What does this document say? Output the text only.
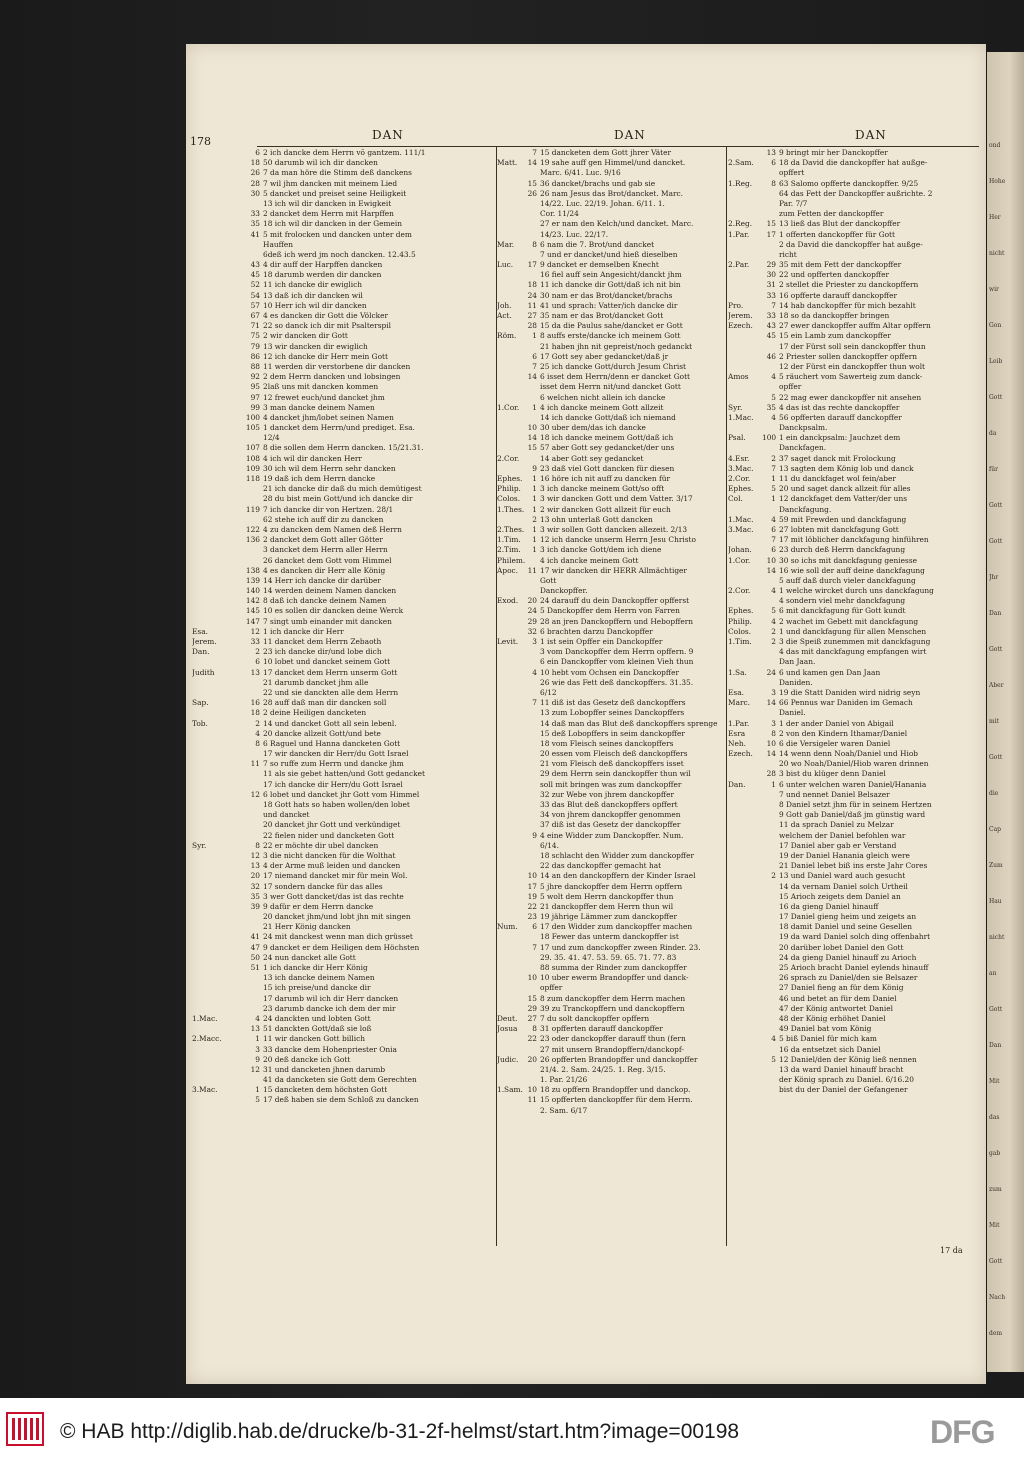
ond
Hohe
Her
nicht
wir
Gon
Leib
Gott
da
für
Gott
Gott
Jhr
Dan
Gott
Aber
mit
Gott
die
Cap
Zum
Hau
nicht
an
Gott
Dan
Mit
das
gab
zum
Mit
Gott
Nach
dem
178	DAN	DAN	DAN
6 2 ich dancke dem Herrn vō gantzem. 111/1
18 50 darumb wil ich dir dancken
26 7 da man höre die Stimm deß danckens
28 7 wil jhm dancken mit meinem Lied
30 5 dancket und preiset seine Heiligkeit
13 ich wil dir dancken in Ewigkeit
33 2 dancket dem Herrn mit Harpffen
35 18 ich wil dir dancken in der Gemein
41 5 mit frolocken und dancken unter dem
Hauffen
6deß ich werd jm noch dancken. 12.43.5
43 4 dir auff der Harpffen dancken
45 18 darumb werden dir dancken
52 11 ich dancke dir ewiglich
54 13 daß ich dir dancken wil
57 10 Herr ich wil dir dancken
67 4 es dancken dir Gott die Völcker
71 22 so danck ich dir mit Psalterspil
75 2 wir dancken dir Gott
79 13 wir dancken dir ewiglich
86 12 ich dancke dir Herr mein Gott
88 11 werden dir verstorbene dir dancken
92 2 dem Herrn dancken und lobsingen
95 2laß uns mit dancken kommen
97 12 frewet euch/und dancket jhm
99 3 man dancke deinem Namen
100 4 dancket jhm/lobet seinen Namen
105 1 dancket dem Herrn/und prediget. Esa.
12/4
107 8 die sollen dem Herrn dancken. 15/21.31.
108 4 ich wil dir dancken Herr
109 30 ich wil dem Herrn sehr dancken
118 19 daß ich dem Herrn dancke
21 ich dancke dir daß du mich demütigest
28 du bist mein Gott/und ich dancke dir
119 7 ich dancke dir von Hertzen. 28/1
62 stehe ich auff dir zu dancken
122 4 zu dancken dem Namen deß Herrn
136 2 dancket dem Gott aller Götter
3 dancket dem Herrn aller Herrn
26 dancket dem Gott vom Himmel
138 4 es dancken dir Herr alle König
139 14 Herr ich dancke dir darüber
140 14 werden deinem Namen dancken
142 8 daß ich dancke deinem Namen
145 10 es sollen dir dancken deine Werck
147 7 singt umb einander mit dancken
Esa.	12 1 ich dancke dir Herr
Jerem.	33 11 dancket dem Herrn Zebaoth
Dan.	2 23 ich dancke dir/und lobe dich
6 10 lobet und dancket seinem Gott
Judith	13 17 dancket dem Herrn unserm Gott
21 darumb dancket jhm alle
22 und sie danckten alle dem Herrn
Sap.	16 28 auff daß man dir dancken soll
18 2 deine Heiligen dancketen
Tob.	2 14 und dancket Gott all sein lebenl.
4 20 dancke allzeit Gott/und bete
8 6 Raguel und Hanna dancketen Gott
17 wir dancken dir Herr/du Gott Israel
11 7 so ruffe zum Herrn und dancke jhm
11 als sie gebet hatten/und Gott gedancket
17 ich dancke dir Herr/du Gott Israel
12 6 lobet und dancket jhr Gott vom Himmel
18 Gott hats so haben wollen/den lobet
und dancket
20 dancket jhr Gott und verkündiget
22 fielen nider und dancketen Gott
Syr.	8 22 er möchte dir ubel dancken
12 3 die nicht dancken für die Wolthat
13 4 der Arme muß leiden und dancken
20 17 niemand dancket mir für mein Wol.
32 17 sondern dancke für das alles
35 3 wer Gott dancket/das ist das rechte
39 9 dafür er dem Herrn dancke
20 dancket jhm/und lobt jhn mit singen
21 Herr König dancken
41 24 mit danckest wenn man dich grüsset
47 9 dancket er dem Heiligen dem Höchsten
50 24 nun dancket alle Gott
51 1 ich dancke dir Herr König
13 ich dancke deinem Namen
15 ich preise/und dancke dir
17 darumb wil ich dir Herr dancken
23 darumb dancke ich dem der mir
1.Mac.	4 24 danckten und lobten Gott
13 51 danckten Gott/daß sie loß
2.Macc.	1 11 wir dancken Gott billich
3 33 dancke dem Hohenpriester Onia
9 20 deß dancke ich Gott
12 31 und dancketen jhnen darumb
41 da dancketen sie Gott dem Gerechten
3.Mac.	1 15 dancketen dem höchsten Gott
5 17 deß haben sie dem Schloß zu dancken
7 15 dancketen dem Gott jhrer Väter
Matt.	14 19 sahe auff gen Himmel/und dancket.
Marc. 6/41. Luc. 9/16
15 36 dancket/brachs und gab sie
26 26 nam Jesus das Brot/dancket. Marc.
14/22. Luc. 22/19. Johan. 6/11. 1.
Cor. 11/24
27 er nam den Kelch/und dancket. Marc.
14/23. Luc. 22/17.
Mar.	8 6 nam die 7. Brot/und dancket
7 und er dancket/und hieß dieselben
Luc.	17 9 dancket er demselben Knecht
16 fiel auff sein Angesicht/danckt jhm
18 11 ich dancke dir Gott/daß ich nit bin
24 30 nam er das Brot/dancket/brachs
Joh.	11 41 und sprach: Vatter/ich dancke dir
Act.	27 35 nam er das Brot/dancket Gott
28 15 da die Paulus sahe/dancket er Gott
Röm.	1 8 auffs erste/dancke ich meinem Gott
21 haben jhn nit gepreist/noch gedanckt
6 17 Gott sey aber gedancket/daß jr
7 25 ich dancke Gott/durch Jesum Christ
14 6 isset dem Herrn/denn er dancket Gott
isset dem Herrn nit/und dancket Gott
6 welchen nicht allein ich dancke
1.Cor.	1 4 ich dancke meinem Gott allzeit
14 ich dancke Gott/daß ich niemand
10 30 uber dem/das ich dancke
14 18 ich dancke meinem Gott/daß ich
15 57 aber Gott sey gedancket/der uns
2.Cor.	14 aber Gott sey gedancket
9 23 daß viel Gott dancken für diesen
Ephes.	1 16 höre ich nit auff zu dancken für
Philip.	1 3 ich dancke meinem Gott/so offt
Colos.	1 3 wir dancken Gott und dem Vatter. 3/17
1.Thes.	1 2 wir dancken Gott allzeit für euch
2 13 ohn unterlaß Gott dancken
2.Thes.	1 3 wir sollen Gott dancken allezeit. 2/13
1.Tim.	1 12 ich dancke unserm Herrn Jesu Christo
2.Tim.	1 3 ich dancke Gott/dem ich diene
Philem.	4 ich dancke meinem Gott
Apoc.	11 17 wir dancken dir HERR Allmächtiger
Gott
Danckopffer.
Exod.	20 24 darauff du dein Danckopffer opfferst
24 5 Danckopffer dem Herrn von Farren
29 28 an jren Danckopffern und Hebopffern
32 6 brachten darzu Danckopffer
Levit.	3 1 ist sein Opffer ein Danckopffer
3 vom Danckopffer dem Herrn opffern. 9
6 ein Danckopffer vom kleinen Vieh thun
4 10 hebt vom Ochsen ein Danckopffer
26 wie das Fett deß danckopffers. 31.35.
6/12
7 11 diß ist das Gesetz deß danckopffers
13 zum Lobopffer seines Danckopffers
14 daß man das Blut deß danckopffers sprenge
15 deß Lobopffers in seim danckopffer
18 vom Fleisch seines danckopffers
20 essen vom Fleisch deß danckopffers
21 vom Fleisch deß danckopffers isset
29 dem Herrn sein danckopffer thun wil
soll mit bringen was zum danckopffer
32 zur Webe von jhrem danckopffer
33 das Blut deß danckopffers opffert
34 von jhrem danckopffer genommen
37 diß ist das Gesetz der danckopffer
9 4 eine Widder zum Danckopffer. Num.
6/14.
18 schlacht den Widder zum danckopffer
22 das danckopffer gemacht hat
10 14 an den danckopffern der Kinder Israel
17 5 jhre danckopffer dem Herrn opffern
19 5 wolt dem Herrn danckopffer thun
22 21 danckopffer dem Herrn thun wil
23 19 jährige Lämmer zum danckopffer
Num.	6 17 den Widder zum danckopffer machen
18 Fewer das unterm danckopffer ist
7 17 und zum danckopffer zween Rinder. 23.
29. 35. 41. 47. 53. 59. 65. 71. 77. 83
88 summa der Rinder zum danckopffer
10 10 uber ewerm Brandopffer und danck-
opffer
15 8 zum danckopffer dem Herrn machen
29 39 zu Tranckopffern und danckopffern
Deut.	27 7 du solt danckopffer opffern
Josua	8 31 opfferten darauff danckopffer
22 23 oder danckopffer darauff thun (fern
27 mit unsern Brandopffern/danckopf-
Judic.	20 26 opfferten Brandopffer und danckopffer
21/4. 2. Sam. 24/25. 1. Reg. 3/15.
1. Par. 21/26
1.Sam. 10 18 zu opffern Brandopffer und danckop.
11 15 opfferten danckopffer für dem Herrn.
2. Sam. 6/17
13 9 bringt mir her Danckopffer
2.Sam.	6 18 da David die danckopffer hat außge-
opffert
1.Reg.	8 63 Salomo opfferte danckopffer. 9/25
64 das Fett der Danckopffer außrichte. 2
Par. 7/7
zum Fetten der danckopffer
2.Reg.	15 13 ließ das Blut der danckopffer
1.Par.	17 1 offerten danckopffer für Gott
2 da David die danckopffer hat außge-
richt
2.Par.	29 35 mit dem Fett der danckopffer
30 22 und opfferten danckopffer
31 2 stellet die Priester zu danckopffern
33 16 opfferte darauff danckopffer
Pro.	7 14 hab danckopffer für mich bezahlt
Jerem.	33 18 so da danckopffer bringen
Ezech.	43 27 ewer danckopffer auffm Altar opffern
45 15 ein Lamb zum danckopffer
17 der Fürst soll sein danckopffer thun
46 2 Priester sollen danckopffer opffern
12 der Fürst ein danckopffer thun wolt
Amos	4 5 räuchert vom Sawerteig zum danck-
opffer
5 22 mag ewer danckopffer nit ansehen
Syr.	35 4 das ist das rechte danckopffer
1.Mac.	4 56 opfferten darauff danckopffer
Danckpsalm.
Psal.	100 1 ein danckpsalm: Jauchzet dem
Danckfagen.
4.Esr.	2 37 saget danck mit Frolockung
3.Mac.	7 13 sagten dem König lob und danck
2.Cor.	1 11 du danckfaget wol fein/aber
Ephes.	5 20 und saget danck allzeit für alles
Col.	1 12 danckfaget dem Vatter/der uns
Danckfagung.
1.Mac.	4 59 mit Frewden und danckfagung
3.Mac.	6 27 lobten mit danckfagung Gott
7 17 mit löblicher danckfagung hinführen
Johan.	6 23 durch deß Herrn danckfagung
1.Cor.	10 30 so ichs mit danckfagung geniesse
14 16 wie soll der auff deine danckfagung
5 auff daß durch vieler danckfagung
2.Cor.	4 1 welche wircket durch uns danckfagung
4 sondern viel mehr danckfagung
Ephes.	5 6 mit danckfagung für Gott kundt
Philip.	4 2 wachet im Gebett mit danckfagung
Colos.	2 1 und danckfagung für allen Menschen
1.Tim.	2 3 die Speiß zunemmen mit danckfagung
4 das mit danckfagung empfangen wirt
Dan Jaan.
1.Sa.	24 6 und kamen gen Dan Jaan
Daniden.
Esa.	3 19 die Statt Daniden wird nidrig seyn
Marc.	14 66 Pennus war Daniden im Gemach
Daniel.
1.Par.	3 1 der ander Daniel von Abigail
Esra	8 2 von den Kindern Ithamar/Daniel
Neh.	10 6 die Versigeler waren Daniel
Ezech.	14 14 wenn denn Noah/Daniel und Hiob
20 wo Noah/Daniel/Hiob waren drinnen
28 3 bist du klüger denn Daniel
Dan.	1 6 unter welchen waren Daniel/Hanania
7 und nennet Daniel Belsazer
8 Daniel setzt jhm für in seinem Hertzen
9 Gott gab Daniel/daß jm günstig ward
11 da sprach Daniel zu Melzar
welchem der Daniel befohlen war
17 Daniel aber gab er Verstand
19 der Daniel Hanania gleich were
21 Daniel lebet biß ins erste Jahr Cores
2 13 und Daniel ward auch gesucht
14 da vernam Daniel solch Urtheil
15 Arioch zeigets dem Daniel an
16 da gieng Daniel hinauff
17 Daniel gieng heim und zeigets an
18 damit Daniel und seine Gesellen
19 da ward Daniel solch ding offenbahrt
20 darüber lobet Daniel den Gott
24 da gieng Daniel hinauff zu Arioch
25 Arioch bracht Daniel eylends hinauff
26 sprach zu Daniel/den sie Belsazer
27 Daniel fieng an für dem König
46 und betet an für dem Daniel
47 der König antwortet Daniel
48 der König erhöhet Daniel
49 Daniel bat vom König
4 5 biß Daniel für mich kam
16 da entsetzet sich Daniel
5 12 Daniel/den der König ließ nennen
13 da ward Daniel hinauff bracht
der König sprach zu Daniel. 6/16.20
bist du der Daniel der Gefangener
17 da
© HAB http://diglib.hab.de/drucke/b-31-2f-helmst/start.htm?image=00198	DFG
